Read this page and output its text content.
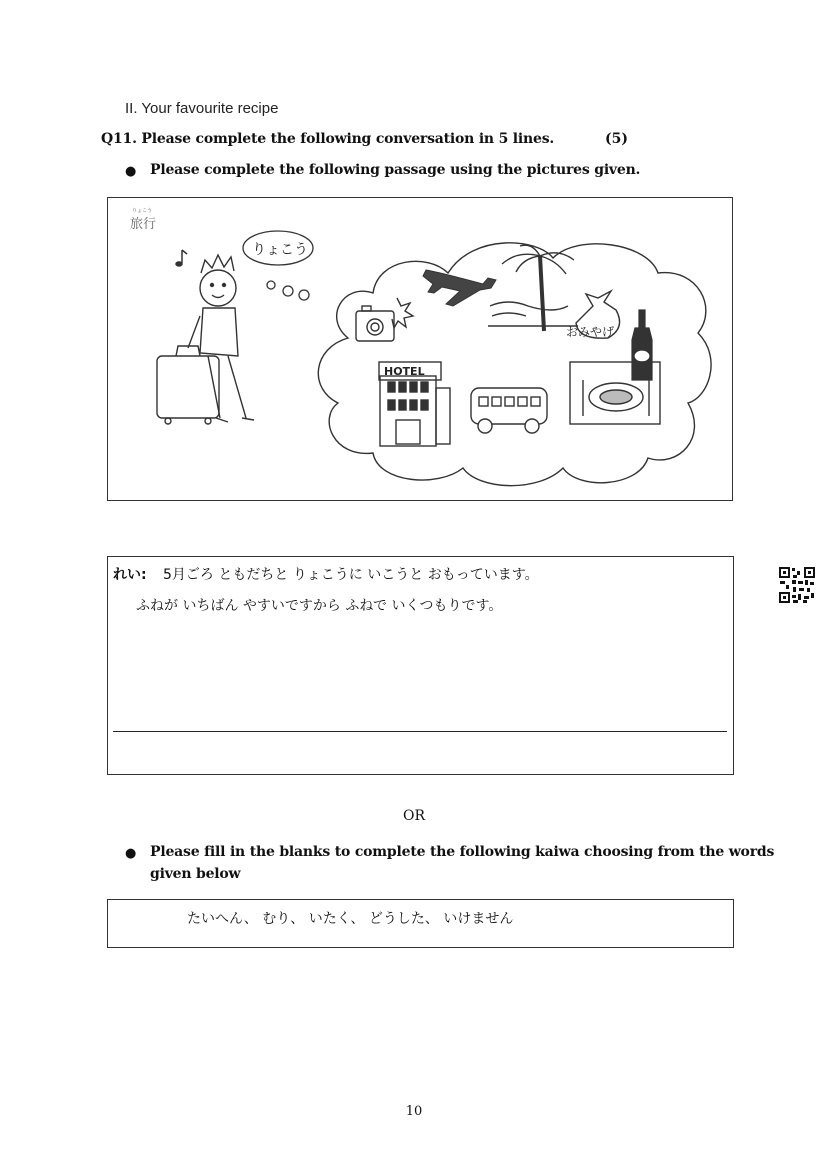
II. Your favourite recipe
Q11. Please complete the following conversation in 5 lines.	(5)
● Please complete the following passage using the pictures given.
りょこう
旅行
りょこう
おみやげ
HOTEL
れい: 5月ごろ ともだちと りょこうに いこうと おもっています。
ふねが いちばん やすいですから ふねで いくつもりです。
OR
● Please fill in the blanks to complete the following kaiwa choosing from the words
given below
たいへん、 むり、 いたく、 どうした、 いけません
10
